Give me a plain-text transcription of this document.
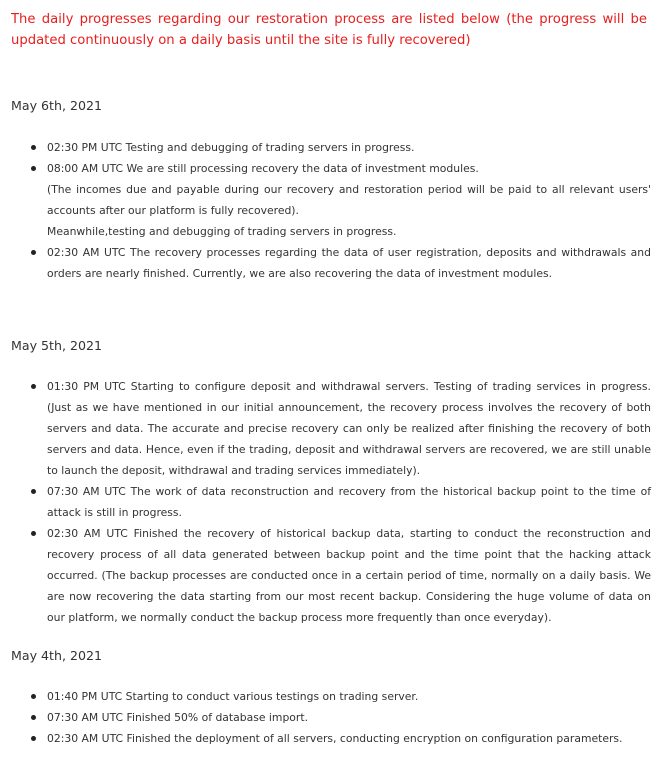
The daily progresses regarding our restoration process are listed below (the progress will be updated continuously on a daily basis until the site is fully recovered)

May 6th, 2021

02:30 PM UTC Testing and debugging of trading servers in progress.

08:00 AM UTC We are still processing recovery the data of investment modules.

(The incomes due and payable during our recovery and restoration period will be paid to all relevant users' accounts after our platform is fully recovered).

Meanwhile,testing and debugging of trading servers in progress.

02:30 AM UTC The recovery processes regarding the data of user registration, deposits and withdrawals and orders are nearly finished. Currently, we are also recovering the data of investment modules.

May 5th, 2021

01:30 PM UTC Starting to configure deposit and withdrawal servers. Testing of trading services in progress. (Just as we have mentioned in our initial announcement, the recovery process involves the recovery of both servers and data. The accurate and precise recovery can only be realized after finishing the recovery of both servers and data. Hence, even if the trading, deposit and withdrawal servers are recovered, we are still unable to launch the deposit, withdrawal and trading services immediately).

07:30 AM UTC The work of data reconstruction and recovery from the historical backup point to the time of attack is still in progress.

02:30 AM UTC Finished the recovery of historical backup data, starting to conduct the reconstruction and recovery process of all data generated between backup point and the time point that the hacking attack occurred. (The backup processes are conducted once in a certain period of time, normally on a daily basis. We are now recovering the data starting from our most recent backup. Considering the huge volume of data on our platform, we normally conduct the backup process more frequently than once everyday).

May 4th, 2021

01:40 PM UTC Starting to conduct various testings on trading server.

07:30 AM UTC Finished 50% of database import.

02:30 AM UTC Finished the deployment of all servers, conducting encryption on configuration parameters.
